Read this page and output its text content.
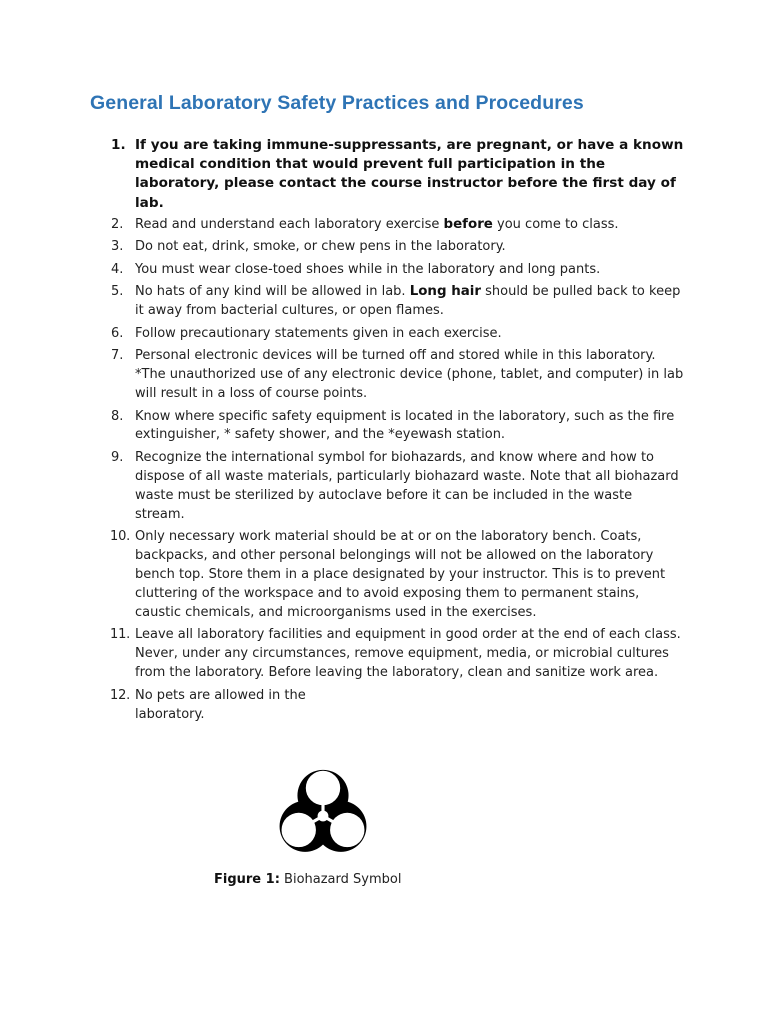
General Laboratory Safety Practices and Procedures
1. If you are taking immune-suppressants, are pregnant, or have a known medical condition that would prevent full participation in the laboratory, please contact the course instructor before the first day of lab.
2. Read and understand each laboratory exercise before you come to class.
3. Do not eat, drink, smoke, or chew pens in the laboratory.
4. You must wear close-toed shoes while in the laboratory and long pants.
5. No hats of any kind will be allowed in lab. Long hair should be pulled back to keep it away from bacterial cultures, or open flames.
6. Follow precautionary statements given in each exercise.
7. Personal electronic devices will be turned off and stored while in this laboratory. *The unauthorized use of any electronic device (phone, tablet, and computer) in lab will result in a loss of course points.
8. Know where specific safety equipment is located in the laboratory, such as the fire extinguisher, * safety shower, and the *eyewash station.
9. Recognize the international symbol for biohazards, and know where and how to dispose of all waste materials, particularly biohazard waste. Note that all biohazard waste must be sterilized by autoclave before it can be included in the waste stream.
10. Only necessary work material should be at or on the laboratory bench. Coats, backpacks, and other personal belongings will not be allowed on the laboratory bench top. Store them in a place designated by your instructor. This is to prevent cluttering of the workspace and to avoid exposing them to permanent stains, caustic chemicals, and microorganisms used in the exercises.
11. Leave all laboratory facilities and equipment in good order at the end of each class. Never, under any circumstances, remove equipment, media, or microbial cultures from the laboratory. Before leaving the laboratory, clean and sanitize work area.
12. No pets are allowed in the laboratory.
Figure 1: Biohazard Symbol
